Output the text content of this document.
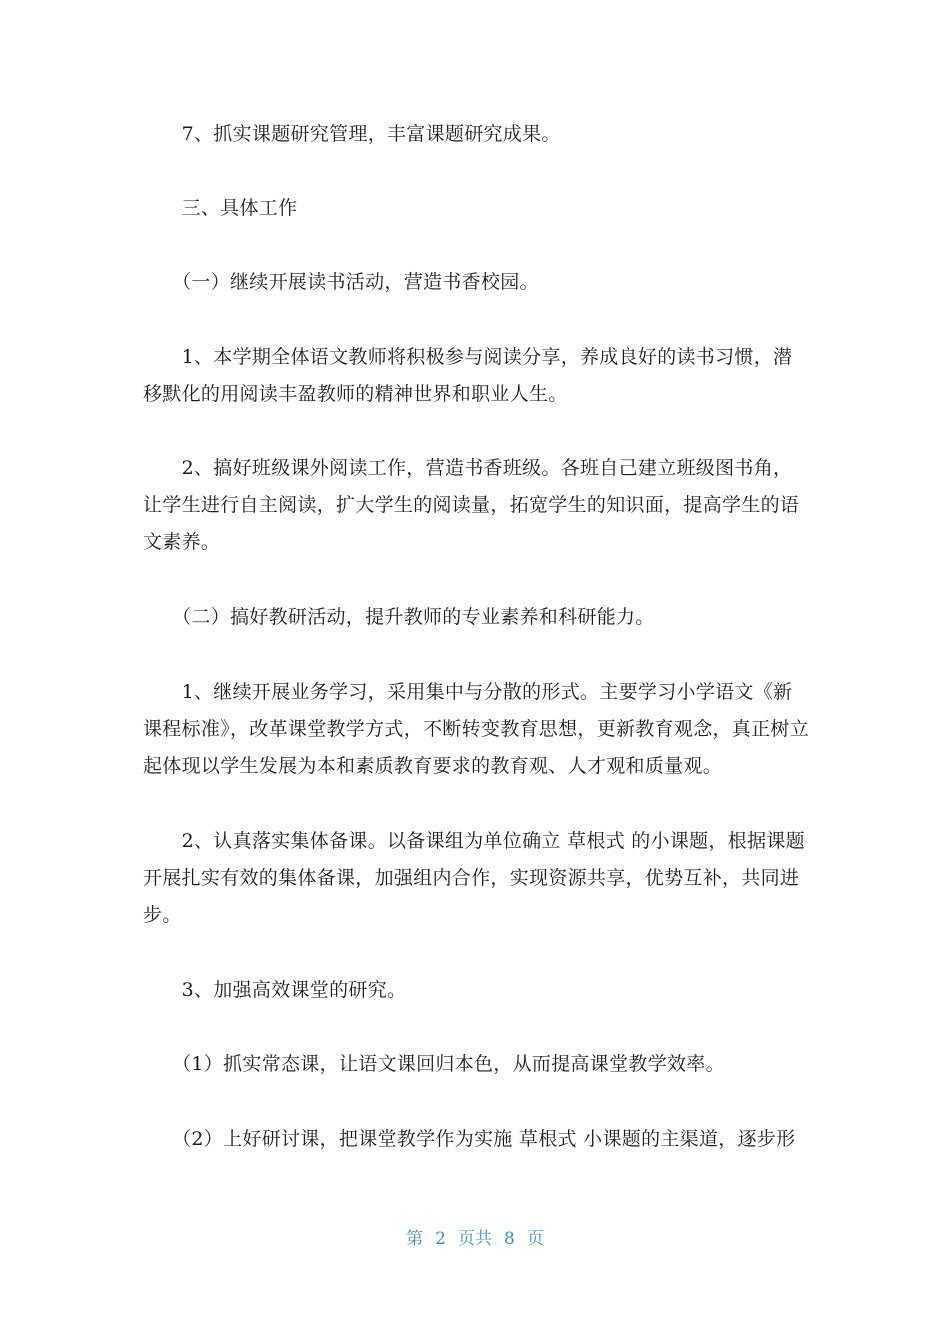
　　7、抓实课题研究管理，丰富课题研究成果。

　　三、具体工作

　　（一）继续开展读书活动，营造书香校园。

　　1、本学期全体语文教师将积极参与阅读分享，养成良好的读书习惯，潜移默化的用阅读丰盈教师的精神世界和职业人生。

　　2、搞好班级课外阅读工作，营造书香班级。各班自己建立班级图书角，让学生进行自主阅读，扩大学生的阅读量，拓宽学生的知识面，提高学生的语文素养。

　　（二）搞好教研活动，提升教师的专业素养和科研能力。

　　1、继续开展业务学习，采用集中与分散的形式。主要学习小学语文《新课程标准》，改革课堂教学方式，不断转变教育思想，更新教育观念，真正树立起体现以学生发展为本和素质教育要求的教育观、人才观和质量观。

　　2、认真落实集体备课。以备课组为单位确立 草根式 的小课题，根据课题开展扎实有效的集体备课，加强组内合作，实现资源共享，优势互补，共同进步。

　　3、加强高效课堂的研究。

　　（1）抓实常态课，让语文课回归本色，从而提高课堂教学效率。

　　（2）上好研讨课，把课堂教学作为实施 草根式 小课题的主渠道，逐步形

第 2 页共 8 页
